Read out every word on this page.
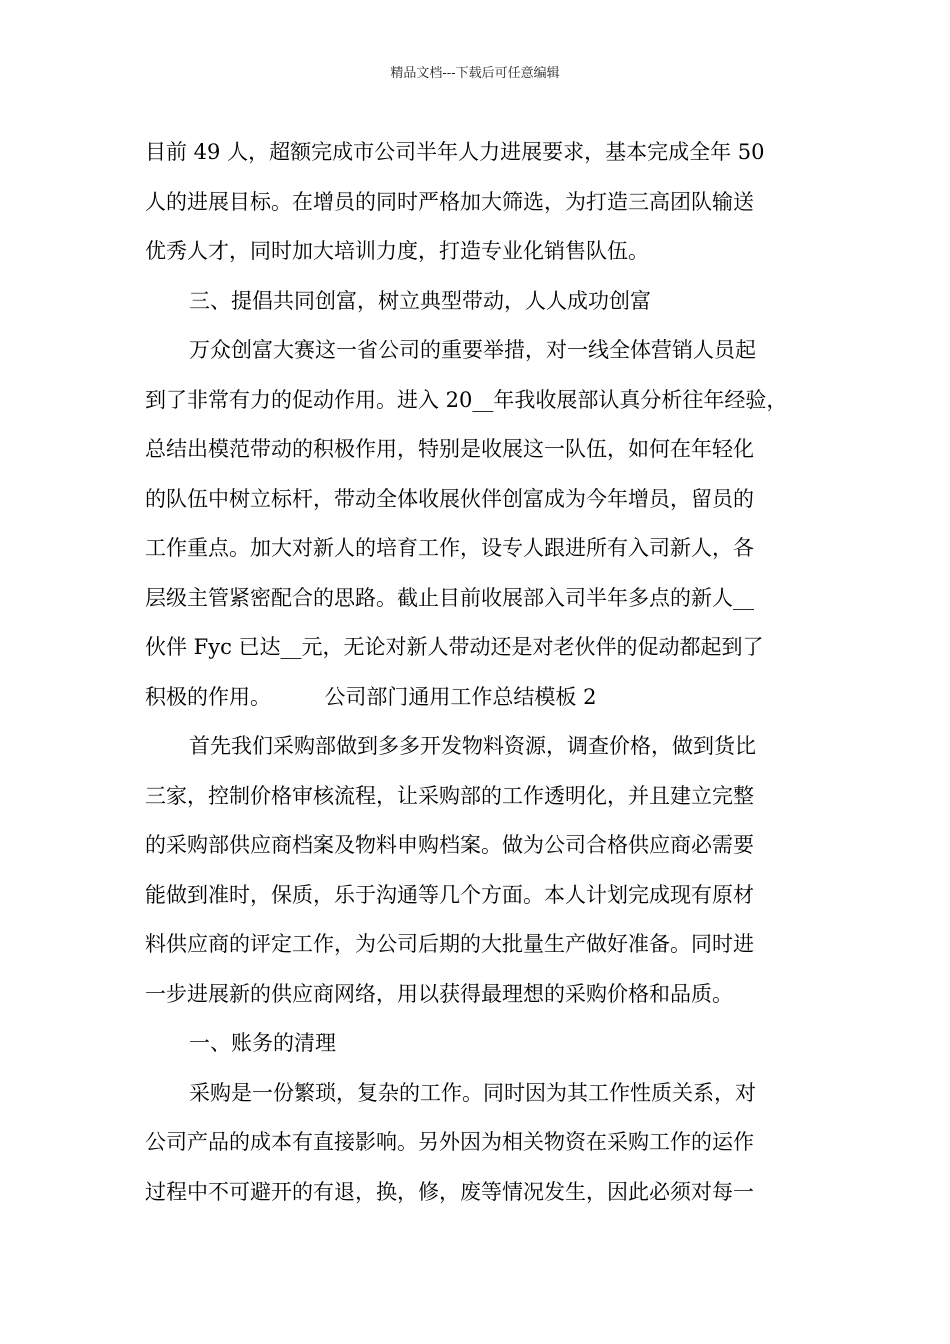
精品文档---下载后可任意编辑
目前 49 人，超额完成市公司半年人力进展要求，基本完成全年 50
人的进展目标。在增员的同时严格加大筛选，为打造三高团队输送
优秀人才，同时加大培训力度，打造专业化销售队伍。
三、提倡共同创富，树立典型带动，人人成功创富
万众创富大赛这一省公司的重要举措，对一线全体营销人员起
到了非常有力的促动作用。进入 20__年我收展部认真分析往年经验，
总结出模范带动的积极作用，特别是收展这一队伍，如何在年轻化
的队伍中树立标杆，带动全体收展伙伴创富成为今年增员，留员的
工作重点。加大对新人的培育工作，设专人跟进所有入司新人，各
层级主管紧密配合的思路。截止目前收展部入司半年多点的新人__
伙伴 Fyc 已达__元，无论对新人带动还是对老伙伴的促动都起到了
积极的作用。        公司部门通用工作总结模板 2
首先我们采购部做到多多开发物料资源，调查价格，做到货比
三家，控制价格审核流程，让采购部的工作透明化，并且建立完整
的采购部供应商档案及物料申购档案。做为公司合格供应商必需要
能做到准时，保质，乐于沟通等几个方面。本人计划完成现有原材
料供应商的评定工作，为公司后期的大批量生产做好准备。同时进
一步进展新的供应商网络，用以获得最理想的采购价格和品质。
一、账务的清理
采购是一份繁琐，复杂的工作。同时因为其工作性质关系，对
公司产品的成本有直接影响。另外因为相关物资在采购工作的运作
过程中不可避开的有退，换，修，废等情况发生，因此必须对每一
